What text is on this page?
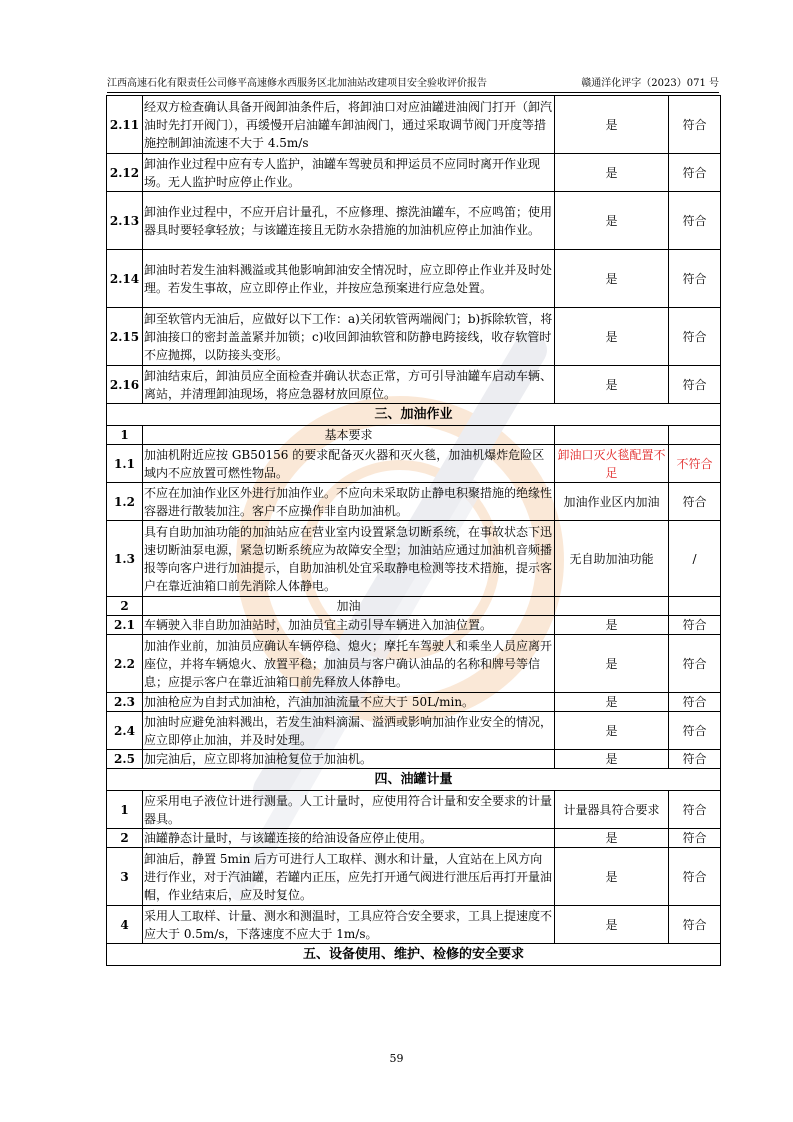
江西高速石化有限责任公司修平高速修水西服务区北加油站改建项目安全验收评价报告	赣通洋化评字（2023）071 号
2.11	经双方检查确认具备开阀卸油条件后，将卸油口对应油罐进油阀门打开（卸汽油时先打开阀门），再缓慢开启油罐车卸油阀门，通过采取调节阀门开度等措施控制卸油流速不大于 4.5m/s	是	符合
2.12	卸油作业过程中应有专人监护，油罐车驾驶员和押运员不应同时离开作业现场。无人监护时应停止作业。	是	符合
2.13	卸油作业过程中，不应开启计量孔，不应修理、擦洗油罐车，不应鸣笛；使用器具时要轻拿轻放；与该罐连接且无防水杂措施的加油机应停止加油作业。	是	符合
2.14	卸油时若发生油料溅溢或其他影响卸油安全情况时，应立即停止作业并及时处理。若发生事故，应立即停止作业，并按应急预案进行应急处置。	是	符合
2.15	卸至软管内无油后，应做好以下工作：a)关闭软管两端阀门；b)拆除软管，将卸油接口的密封盖盖紧并加锁；c)收回卸油软管和防静电跨接线，收存软管时不应抛掷，以防接头变形。	是	符合
2.16	卸油结束后，卸油员应全面检查并确认状态正常，方可引导油罐车启动车辆、离站，并清理卸油现场，将应急器材放回原位。	是	符合
三、加油作业			
1	基本要求		
1.1	加油机附近应按 GB50156 的要求配备灭火器和灭火毯，加油机爆炸危险区域内不应放置可燃性物品。	卸油口灭火毯配置不足	不符合
1.2	不应在加油作业区外进行加油作业。不应向未采取防止静电积聚措施的绝缘性容器进行散装加注。客户不应操作非自助加油机。	加油作业区内加油	符合
1.3	具有自助加油功能的加油站应在营业室内设置紧急切断系统，在事故状态下迅速切断油泵电源，紧急切断系统应为故障安全型；加油站应通过加油机音频播报等向客户进行加油提示，自助加油机处宜采取静电检测等技术措施，提示客户在靠近油箱口前先消除人体静电。	无自助加油功能	/
2	加油		
2.1	车辆驶入非自助加油站时，加油员宜主动引导车辆进入加油位置。	是	符合
2.2	加油作业前，加油员应确认车辆停稳、熄火；摩托车驾驶人和乘坐人员应离开座位，并将车辆熄火、放置平稳；加油员与客户确认油品的名称和牌号等信息；应提示客户在靠近油箱口前先释放人体静电。	是	符合
2.3	加油枪应为自封式加油枪，汽油加油流量不应大于 50L/min。	是	符合
2.4	加油时应避免油料溅出，若发生油料滴漏、溢洒或影响加油作业安全的情况，应立即停止加油，并及时处理。	是	符合
2.5	加完油后，应立即将加油枪复位于加油机。	是	符合
四、油罐计量			
1	应采用电子液位计进行测量。人工计量时，应使用符合计量和安全要求的计量器具。	计量器具符合要求	符合
2	油罐静态计量时，与该罐连接的给油设备应停止使用。	是	符合
3	卸油后，静置 5min 后方可进行人工取样、测水和计量，人宜站在上风方向进行作业，对于汽油罐，若罐内正压，应先打开通气阀进行泄压后再打开量油帽，作业结束后，应及时复位。	是	符合
4	采用人工取样、计量、测水和测温时，工具应符合安全要求，工具上提速度不应大于 0.5m/s，下落速度不应大于 1m/s。	是	符合
五、设备使用、维护、检修的安全要求			
59
